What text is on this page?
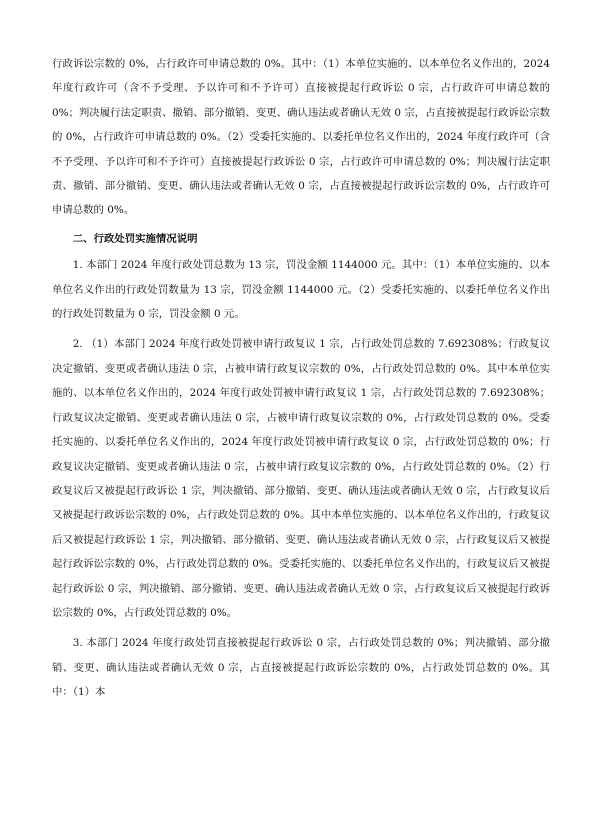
行政诉讼宗数的 0%，占行政许可申请总数的 0%。其中：（1）本单位实施的、以本单位名义作出的，2024 年度行政许可（含不予受理、予以许可和不予许可）直接被提起行政诉讼 0 宗，占行政许可申请总数的 0%；判决履行法定职责、撤销、部分撤销、变更、确认违法或者确认无效 0 宗，占直接被提起行政诉讼宗数的 0%，占行政许可申请总数的 0%。（2）受委托实施的、以委托单位名义作出的，2024 年度行政许可（含不予受理、予以许可和不予许可）直接被提起行政诉讼 0 宗，占行政许可申请总数的 0%；判决履行法定职责、撤销、部分撤销、变更、确认违法或者确认无效 0 宗，占直接被提起行政诉讼宗数的 0%，占行政许可申请总数的 0%。

二、行政处罚实施情况说明

1. 本部门 2024 年度行政处罚总数为 13 宗，罚没金额 1144000 元。其中：（1）本单位实施的、以本单位名义作出的行政处罚数量为 13 宗，罚没金额 1144000 元。（2）受委托实施的、以委托单位名义作出的行政处罚数量为 0 宗，罚没金额 0 元。

2. （1）本部门 2024 年度行政处罚被申请行政复议 1 宗，占行政处罚总数的 7.692308%；行政复议决定撤销、变更或者确认违法 0 宗，占被申请行政复议宗数的 0%，占行政处罚总数的 0%。其中本单位实施的、以本单位名义作出的，2024 年度行政处罚被申请行政复议 1 宗，占行政处罚总数的 7.692308%；行政复议决定撤销、变更或者确认违法 0 宗，占被申请行政复议宗数的 0%，占行政处罚总数的 0%。受委托实施的、以委托单位名义作出的，2024 年度行政处罚被申请行政复议 0 宗，占行政处罚总数的 0%；行政复议决定撤销、变更或者确认违法 0 宗，占被申请行政复议宗数的 0%，占行政处罚总数的 0%。（2）行政复议后又被提起行政诉讼 1 宗，判决撤销、部分撤销、变更、确认违法或者确认无效 0 宗，占行政复议后又被提起行政诉讼宗数的 0%，占行政处罚总数的 0%。其中本单位实施的、以本单位名义作出的，行政复议后又被提起行政诉讼 1 宗，判决撤销、部分撤销、变更、确认违法或者确认无效 0 宗，占行政复议后又被提起行政诉讼宗数的 0%，占行政处罚总数的 0%。受委托实施的、以委托单位名义作出的，行政复议后又被提起行政诉讼 0 宗，判决撤销、部分撤销、变更、确认违法或者确认无效 0 宗，占行政复议后又被提起行政诉讼宗数的 0%，占行政处罚总数的 0%。

3. 本部门 2024 年度行政处罚直接被提起行政诉讼 0 宗，占行政处罚总数的 0%；判决撤销、部分撤销、变更、确认违法或者确认无效 0 宗，占直接被提起行政诉讼宗数的 0%，占行政处罚总数的 0%。其中：（1）本
